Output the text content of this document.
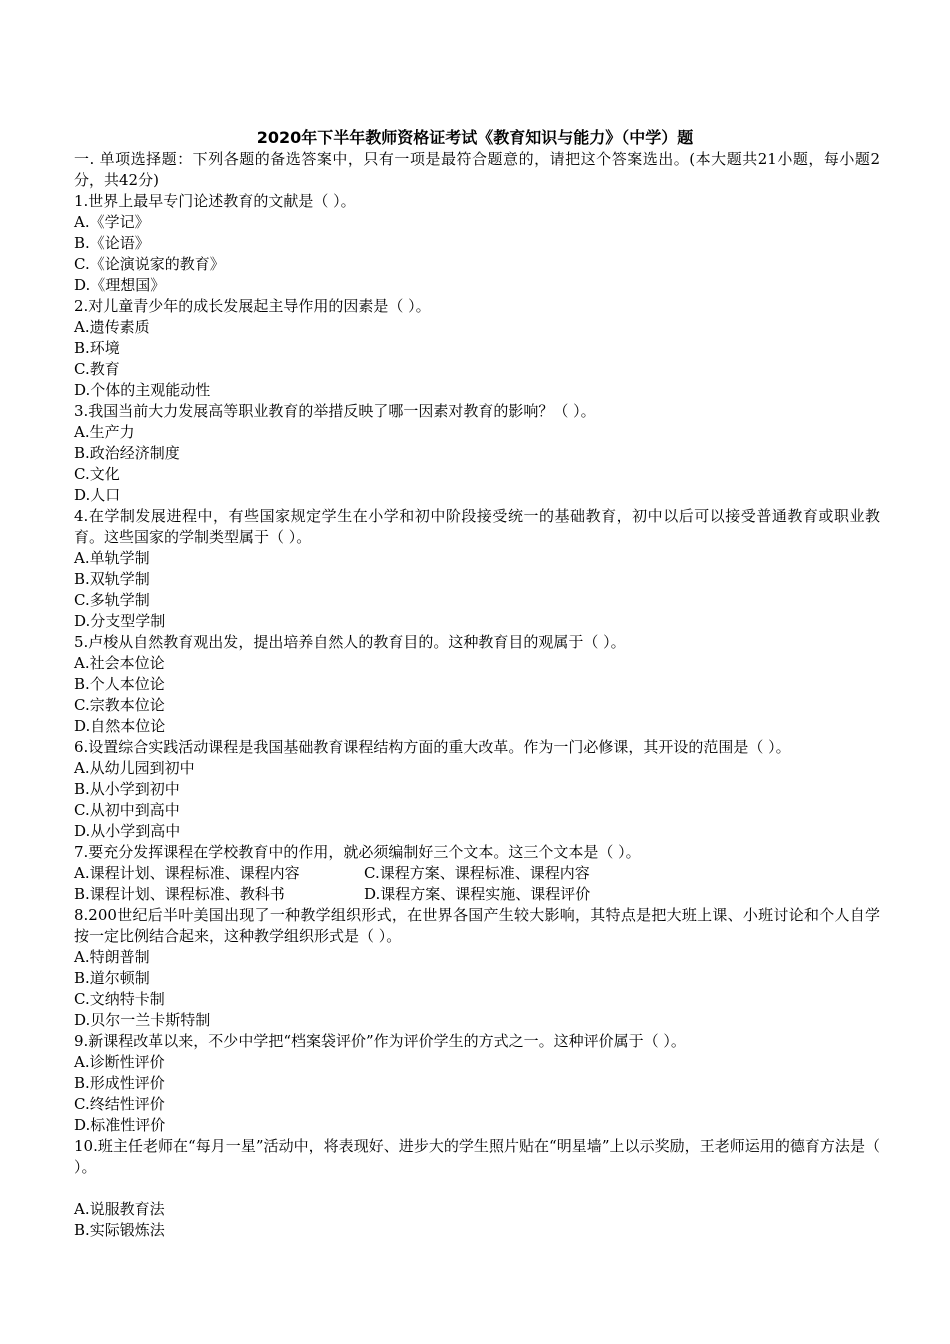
2020年下半年教师资格证考试《教育知识与能力》（中学）题
一. 单项选择题：下列各题的备选答案中，只有一项是最符合题意的，请把这个答案选出。(本大题共21小题，每小题2分，共42分)
1.世界上最早专门论述教育的文献是（ ）。
A.《学记》
B.《论语》
C.《论演说家的教育》
D.《理想国》
2.对儿童青少年的成长发展起主导作用的因素是（ ）。
A.遗传素质
B.环境
C.教育
D.个体的主观能动性
3.我国当前大力发展高等职业教育的举措反映了哪一因素对教育的影响？（ ）。
A.生产力
B.政治经济制度
C.文化
D.人口
4.在学制发展进程中，有些国家规定学生在小学和初中阶段接受统一的基础教育，初中以后可以接受普通教育或职业教育。这些国家的学制类型属于（ ）。
A.单轨学制
B.双轨学制
C.多轨学制
D.分支型学制
5.卢梭从自然教育观出发，提出培养自然人的教育目的。这种教育目的观属于（ ）。
A.社会本位论
B.个人本位论
C.宗教本位论
D.自然本位论
6.设置综合实践活动课程是我国基础教育课程结构方面的重大改革。作为一门必修课，其开设的范围是（ ）。
A.从幼儿园到初中
B.从小学到初中
C.从初中到高中
D.从小学到高中
7.要充分发挥课程在学校教育中的作用，就必须编制好三个文本。这三个文本是（ ）。
A.课程计划、课程标准、课程内容	C.课程方案、课程标准、课程内容
B.课程计划、课程标准、教科书	D.课程方案、课程实施、课程评价
8.200世纪后半叶美国出现了一种教学组织形式，在世界各国产生较大影响，其特点是把大班上课、小班讨论和个人自学按一定比例结合起来，这种教学组织形式是（ ）。
A.特朗普制
B.道尔顿制
C.文纳特卡制
D.贝尔一兰卡斯特制
9.新课程改革以来，不少中学把“档案袋评价”作为评价学生的方式之一。这种评价属于（ ）。
A.诊断性评价
B.形成性评价
C.终结性评价
D.标准性评价
10.班主任老师在“每月一星”活动中，将表现好、进步大的学生照片贴在“明星墙”上以示奖励，王老师运用的德育方法是（ ）。
A.说服教育法
B.实际锻炼法
